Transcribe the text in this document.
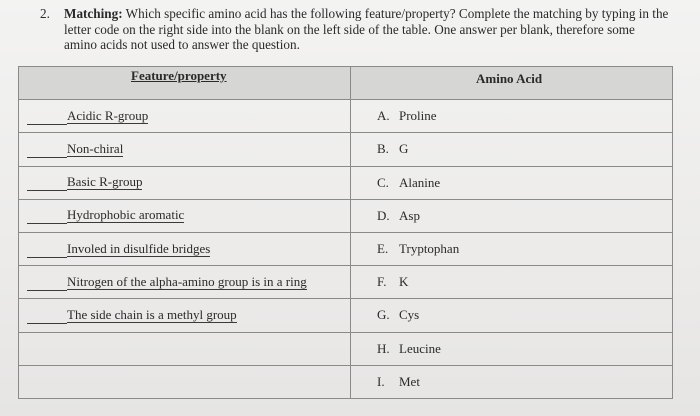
2. Matching: Which specific amino acid has the following feature/property? Complete the matching by typing in the letter code on the right side into the blank on the left side of the table. One answer per blank, therefore some amino acids not used to answer the question.
Feature/property	Amino Acid

Acidic R-group	A. Proline
Non-chiral	B. G
Basic R-group	C. Alanine
Hydrophobic aromatic	D. Asp
Involed in disulfide bridges	E. Tryptophan
Nitrogen of the alpha-amino group is in a ring	F. K
The side chain is a methyl group	G. Cys
	H. Leucine
	I. Met
